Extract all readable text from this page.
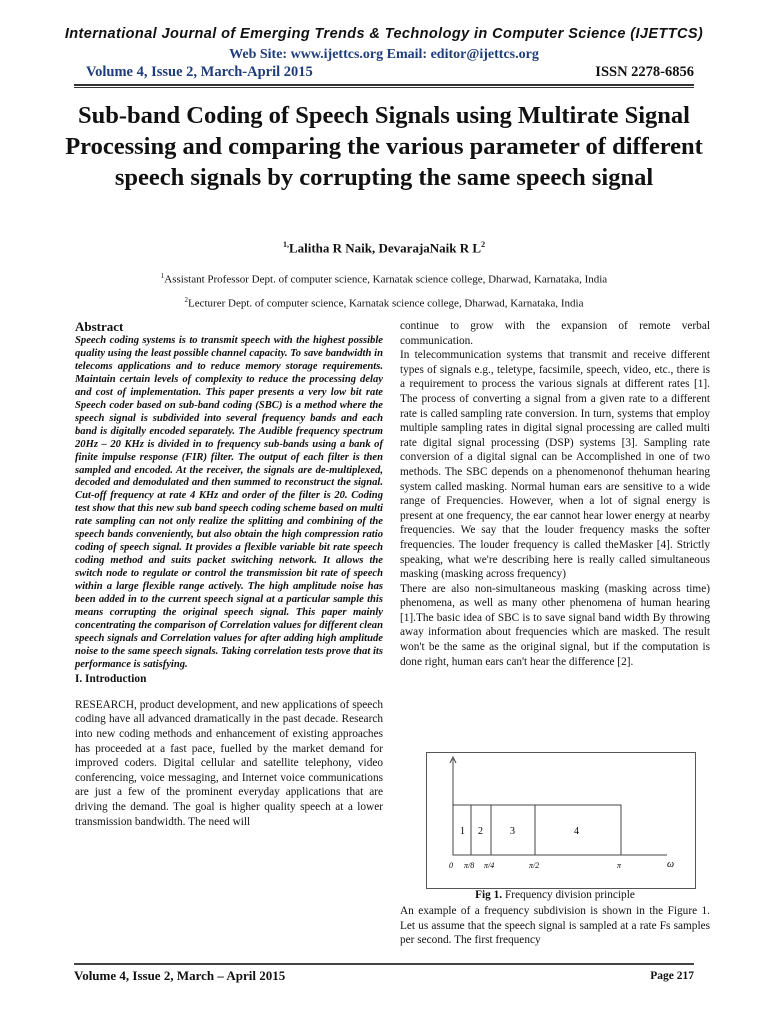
International Journal of Emerging Trends & Technology in Computer Science (IJETTCS)
Web Site: www.ijettcs.org Email: editor@ijettcs.org
Volume 4, Issue 2, March-April 2015	ISSN 2278-6856
Sub-band Coding of Speech Signals using Multirate Signal Processing and comparing the various parameter of different speech signals by corrupting the same speech signal
$^{1,}$Lalitha R Naik, DevarajaNaik R $L^2$
$^1$Assistant Professor Dept. of computer science, Karnatak science college, Dharwad, Karnataka, India
$^2$Lecturer Dept. of computer science, Karnatak science college, Dharwad, Karnataka, India
Abstract

Speech coding systems is to transmit speech with the highest possible quality using the least possible channel capacity. To save bandwidth in telecoms applications and to reduce memory storage requirements. Maintain certain levels of complexity to reduce the processing delay and cost of implementation. This paper presents a very low bit rate Speech coder based on sub-band coding (SBC) is a method where the speech signal is subdivided into several frequency bands and each band is digitally encoded separately. The Audible frequency spectrum 20Hz – 20 KHz is divided in to frequency sub-bands using a bank of finite impulse response (FIR) filter. The output of each filter is then sampled and encoded. At the receiver, the signals are de-multiplexed, decoded and demodulated and then summed to reconstruct the signal. Cut-off frequency at rate 4 KHz and order of the filter is 20. Coding test show that this new sub band speech coding scheme based on multi rate sampling can not only realize the splitting and combining of the speech bands conveniently, but also obtain the high compression ratio coding of speech signal. It provides a flexible variable bit rate speech coding method and suits packet switching network. It allows the switch node to regulate or control the transmission bit rate of speech within a large flexible range actively. The high amplitude noise has been added in to the current speech signal at a particular sample this means corrupting the original speech signal. This paper mainly concentrating the comparison of Correlation values for different clean speech signals and Correlation values for after adding high amplitude noise to the same speech signals. Taking correlation tests prove that its performance is satisfying.

I. Introduction

RESEARCH, product development, and new applications of speech coding have all advanced dramatically in the past decade. Research into new coding methods and enhancement of existing approaches has proceeded at a fast pace, fuelled by the market demand for improved coders. Digital cellular and satellite telephony, video conferencing, voice messaging, and Internet voice communications are just a few of the prominent everyday applications that are driving the demand. The goal is higher quality speech at a lower transmission bandwidth. The need will

continue to grow with the expansion of remote verbal communication.

In telecommunication systems that transmit and receive different types of signals e.g., teletype, facsimile, speech, video, etc., there is a requirement to process the various signals at different rates [1]. The process of converting a signal from a given rate to a different rate is called sampling rate conversion. In turn, systems that employ multiple sampling rates in digital signal processing are called multi rate digital signal processing (DSP) systems [3]. Sampling rate conversion of a digital signal can be Accomplished in one of two methods. The SBC depends on a phenomenonof thehuman hearing system called masking. Normal human ears are sensitive to a wide range of Frequencies. However, when a lot of signal energy is present at one frequency, the ear cannot hear lower energy at nearby frequencies. We say that the louder frequency masks the softer frequencies. The louder frequency is called theMasker [4]. Strictly speaking, what we're describing here is really called simultaneous masking (masking across frequency)

There are also non-simultaneous masking (masking across time) phenomena, as well as many other phenomena of human hearing [1].The basic idea of SBC is to save signal band width By throwing away information about frequencies which are masked. The result won't be the same as the original signal, but if the computation is done right, human ears can't hear the difference [2].

1 2	3	4
0 π/8 π/4	π/2	π	ω
Fig 1. Frequency division principle

An example of a frequency subdivision is shown in the Figure 1. Let us assume that the speech signal is sampled at a rate Fs samples per second. The first frequency

Volume 4, Issue 2, March – April 2015	Page 217
